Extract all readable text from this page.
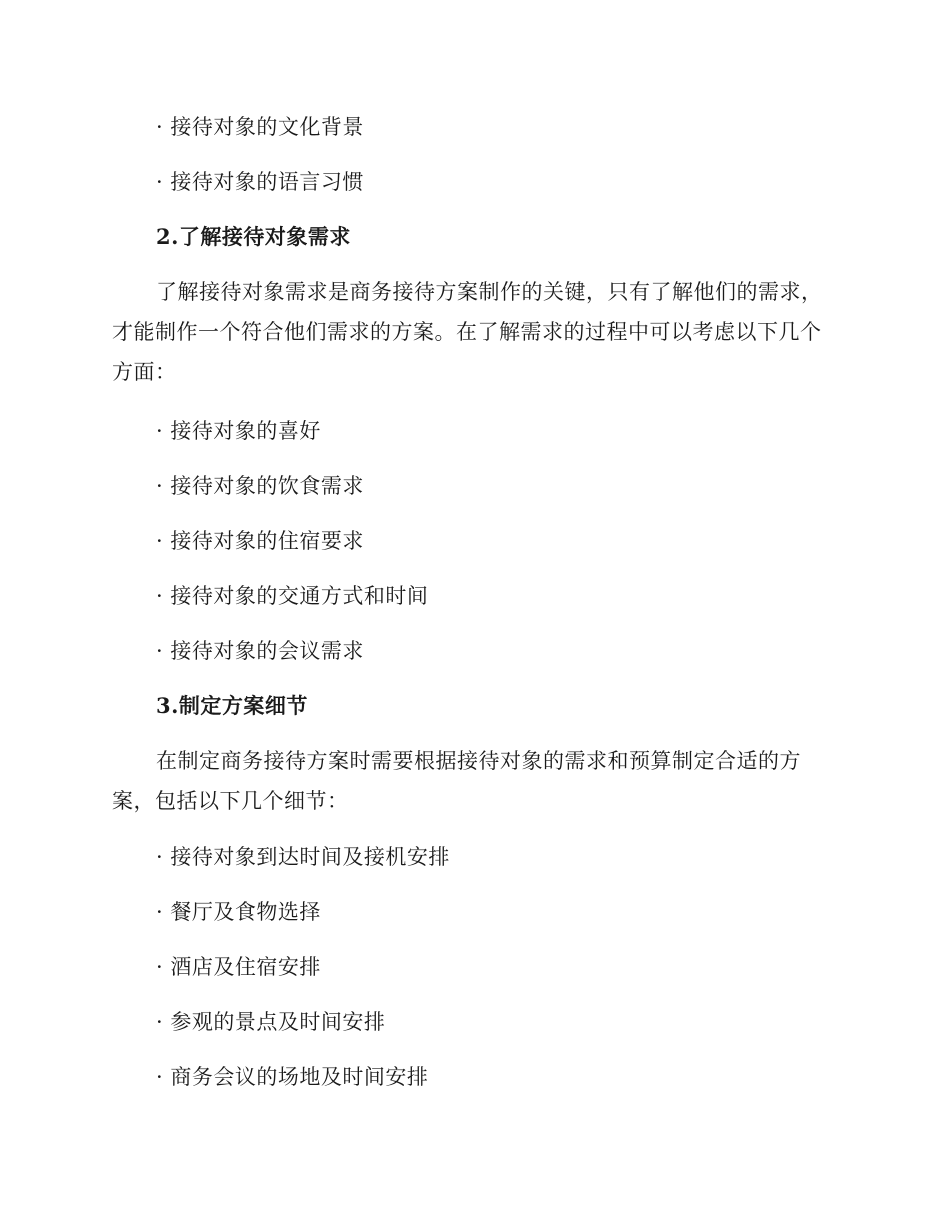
· 接待对象的文化背景
· 接待对象的语言习惯
2.了解接待对象需求
了解接待对象需求是商务接待方案制作的关键，只有了解他们的需求，才能制作一个符合他们需求的方案。在了解需求的过程中可以考虑以下几个方面：
· 接待对象的喜好
· 接待对象的饮食需求
· 接待对象的住宿要求
· 接待对象的交通方式和时间
· 接待对象的会议需求
3.制定方案细节
在制定商务接待方案时需要根据接待对象的需求和预算制定合适的方案，包括以下几个细节：
· 接待对象到达时间及接机安排
· 餐厅及食物选择
· 酒店及住宿安排
· 参观的景点及时间安排
· 商务会议的场地及时间安排
